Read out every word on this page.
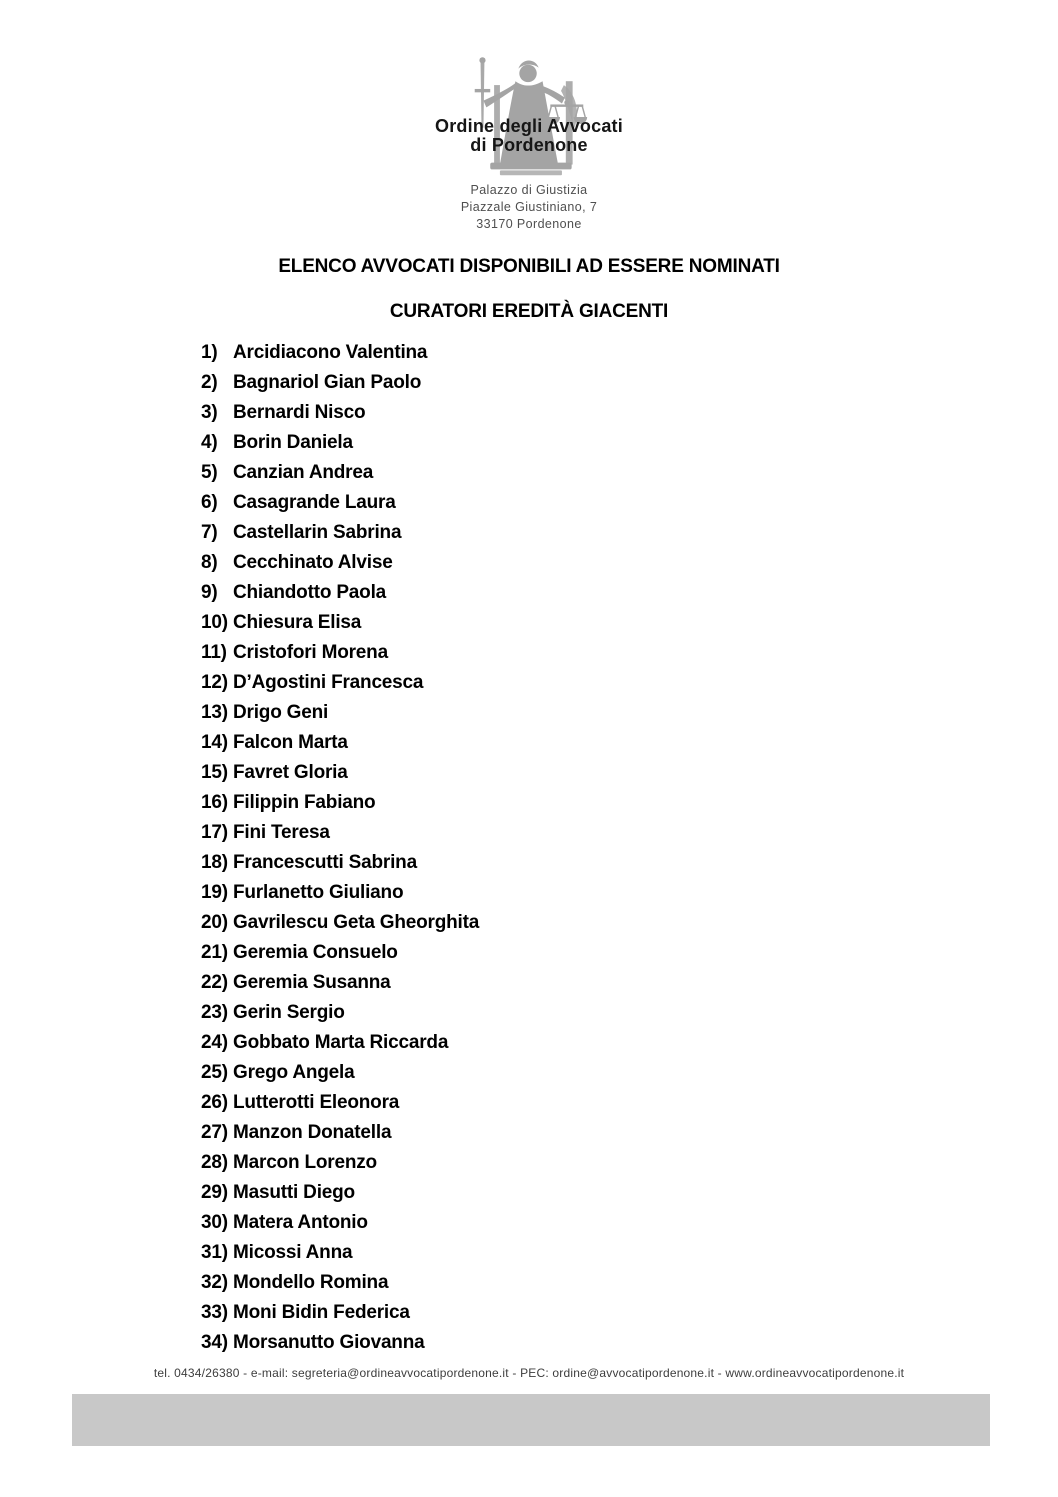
Ordine degli Avvocati
di Pordenone
Palazzo di Giustizia
Piazzale Giustiniano, 7
33170 Pordenone
ELENCO AVVOCATI DISPONIBILI AD ESSERE NOMINATI
CURATORI EREDITÀ GIACENTI
1) Arcidiacono Valentina
2) Bagnariol Gian Paolo
3) Bernardi Nisco
4) Borin Daniela
5) Canzian Andrea
6) Casagrande Laura
7) Castellarin Sabrina
8) Cecchinato Alvise
9) Chiandotto Paola
10) Chiesura Elisa
11) Cristofori Morena
12) D’Agostini Francesca
13) Drigo Geni
14) Falcon Marta
15) Favret Gloria
16) Filippin Fabiano
17) Fini Teresa
18) Francescutti Sabrina
19) Furlanetto Giuliano
20) Gavrilescu Geta Gheorghita
21) Geremia Consuelo
22) Geremia Susanna
23) Gerin Sergio
24) Gobbato Marta Riccarda
25) Grego Angela
26) Lutterotti Eleonora
27) Manzon Donatella
28) Marcon Lorenzo
29) Masutti Diego
30) Matera Antonio
31) Micossi Anna
32) Mondello Romina
33) Moni Bidin Federica
34) Morsanutto Giovanna
tel. 0434/26380 - e-mail: segreteria@ordineavvocatipordenone.it - PEC: ordine@avvocatipordenone.it - www.ordineavvocatipordenone.it
